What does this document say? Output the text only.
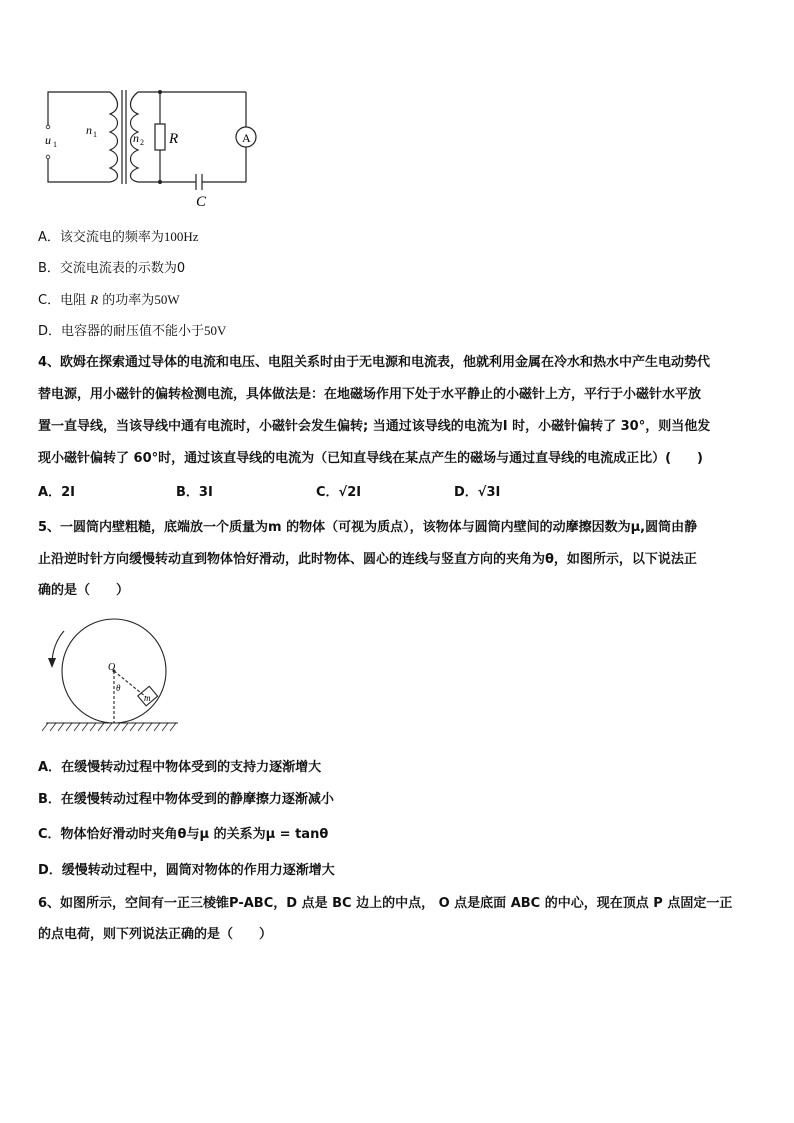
u 1
n 1	n 2 R	A
C
A．该交流电的频率为100Hz
B．交流电流表的示数为0
C．电阻 R 的功率为50W
D．电容器的耐压值不能小于50V
4、欧姆在探索通过导体的电流和电压、电阻关系时由于无电源和电流表，他就利用金属在冷水和热水中产生电动势代
替电源，用小磁针的偏转检测电流，具体做法是：在地磁场作用下处于水平静止的小磁针上方，平行于小磁针水平放
置一直导线，当该导线中通有电流时，小磁针会发生偏转; 当通过该导线的电流为I 时，小磁针偏转了 30°，则当他发
现小磁针偏转了 60°时，通过该直导线的电流为（已知直导线在某点产生的磁场与通过直导线的电流成正比）(　　)
A．2I	B．3I	C．√2I	D．√3I
5、一圆筒内壁粗糙，底端放一个质量为m 的物体（可视为质点），该物体与圆筒内壁间的动摩擦因数为μ,圆筒由静
止沿逆时针方向缓慢转动直到物体恰好滑动，此时物体、圆心的连线与竖直方向的夹角为θ，如图所示，以下说法正
确的是（　　）
O
θ
m
A．在缓慢转动过程中物体受到的支持力逐渐增大
B．在缓慢转动过程中物体受到的静摩擦力逐渐减小
C．物体恰好滑动时夹角θ与μ 的关系为μ = tanθ
D．缓慢转动过程中，圆筒对物体的作用力逐渐增大
6、如图所示，空间有一正三棱锥P-ABC，D 点是 BC 边上的中点， O 点是底面 ABC 的中心，现在顶点 P 点固定一正
的点电荷，则下列说法正确的是（　　）
